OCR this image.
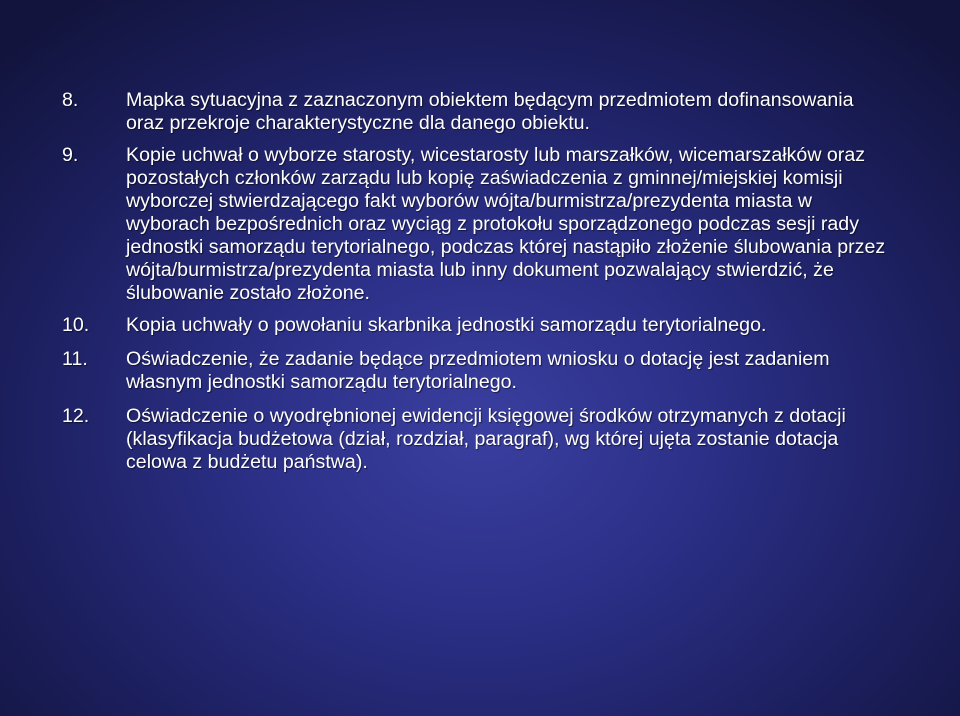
8.	Mapka sytuacyjna z zaznaczonym obiektem będącym przedmiotem dofinansowania oraz przekroje charakterystyczne dla danego obiektu.
9.	Kopie uchwał o wyborze starosty, wicestarosty lub marszałków, wicemarszałków oraz pozostałych członków zarządu lub kopię zaświadczenia z gminnej/miejskiej komisji wyborczej stwierdzającego fakt wyborów wójta/burmistrza/prezydenta miasta w wyborach bezpośrednich oraz wyciąg z protokołu sporządzonego podczas sesji rady jednostki samorządu terytorialnego, podczas której nastąpiło złożenie ślubowania przez wójta/burmistrza/prezydenta miasta lub inny dokument pozwalający stwierdzić, że ślubowanie zostało złożone.
10.	Kopia uchwały o powołaniu skarbnika jednostki samorządu terytorialnego.
11.	Oświadczenie, że zadanie będące przedmiotem wniosku o dotację jest zadaniem własnym jednostki samorządu terytorialnego.
12.	Oświadczenie o wyodrębnionej ewidencji księgowej środków otrzymanych z dotacji (klasyfikacja budżetowa (dział, rozdział, paragraf), wg której ujęta zostanie dotacja celowa z budżetu państwa).
